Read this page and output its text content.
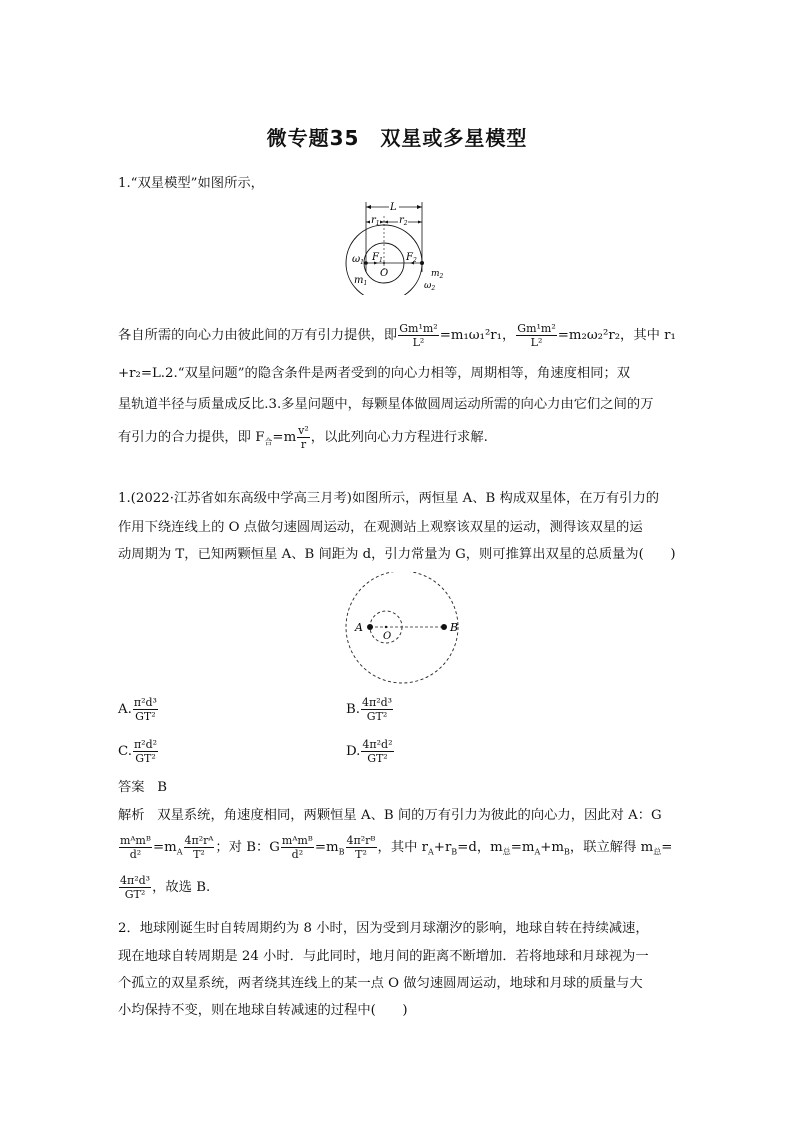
微专题35　双星或多星模型
1.“双星模型”如图所示，
L
$r_1$ $r_2$
$F_1$ $F_2$
O
$\omega_1$
$m_1$
$m_2$
$\omega_2$
各自所需的向心力由彼此间的万有引力提供，即 $\frac{\text{Gm¹m²}}{\text{L²}} =m_1\omega_1^2r_1$， $\frac{\text{Gm¹m²}}{\text{L²}} =m_2\omega_2^2r_2$，其中 r₁
+r₂=L.2.“双星问题”的隐含条件是两者受到的向心力相等，周期相等，角速度相同；双
星轨道半径与质量成反比.3.多星问题中，每颗星体做圆周运动所需的向心力由它们之间的万
有引力的合力提供，即 $F_合=m \frac{\text{v²}}{r}$ ，以此列向心力方程进行求解.
1.(2022·江苏省如东高级中学高三月考)如图所示，两恒星 A、B 构成双星体，在万有引力的
作用下绕连线上的 O 点做匀速圆周运动，在观测站上观察该双星的运动，测得该双星的运
动周期为 T，已知两颗恒星 A、B 间距为 d，引力常量为 G，则可推算出双星的总质量为(　　)
A	B
O
A. $\frac{\text{π²d³}}{\text{GT²}}$	B. $\frac{\text{4π²d³}}{\text{GT²}}$
C. $\frac{\text{π²d²}}{\text{GT²}}$	D. $\frac{\text{4π²d²}}{\text{GT²}}$
答案 B
解析 双星系统，角速度相同，两颗恒星 A、B 间的万有引力为彼此的向心力，因此对 A：G
$\frac{\text{mᴬmᴮ}}{\text{d²}} =m_A \frac{\text{4π²rᴬ}}{\text{T²}}$ ；对 B：G $\frac{\text{mᴬmᴮ}}{\text{d²}} =m_B \frac{\text{4π²rᴮ}}{\text{T²}}$ ，其中 $r_A+r_B=d$，$m_总=m_A+m_B$，联立解得 $m_总=$
$\frac{\text{4π²d³}}{\text{GT²}}$ ，故选 B.
2．地球刚诞生时自转周期约为 8 小时，因为受到月球潮汐的影响，地球自转在持续减速，
现在地球自转周期是 24 小时．与此同时，地月间的距离不断增加．若将地球和月球视为一
个孤立的双星系统，两者绕其连线上的某一点 O 做匀速圆周运动，地球和月球的质量与大
小均保持不变，则在地球自转减速的过程中(　　)
